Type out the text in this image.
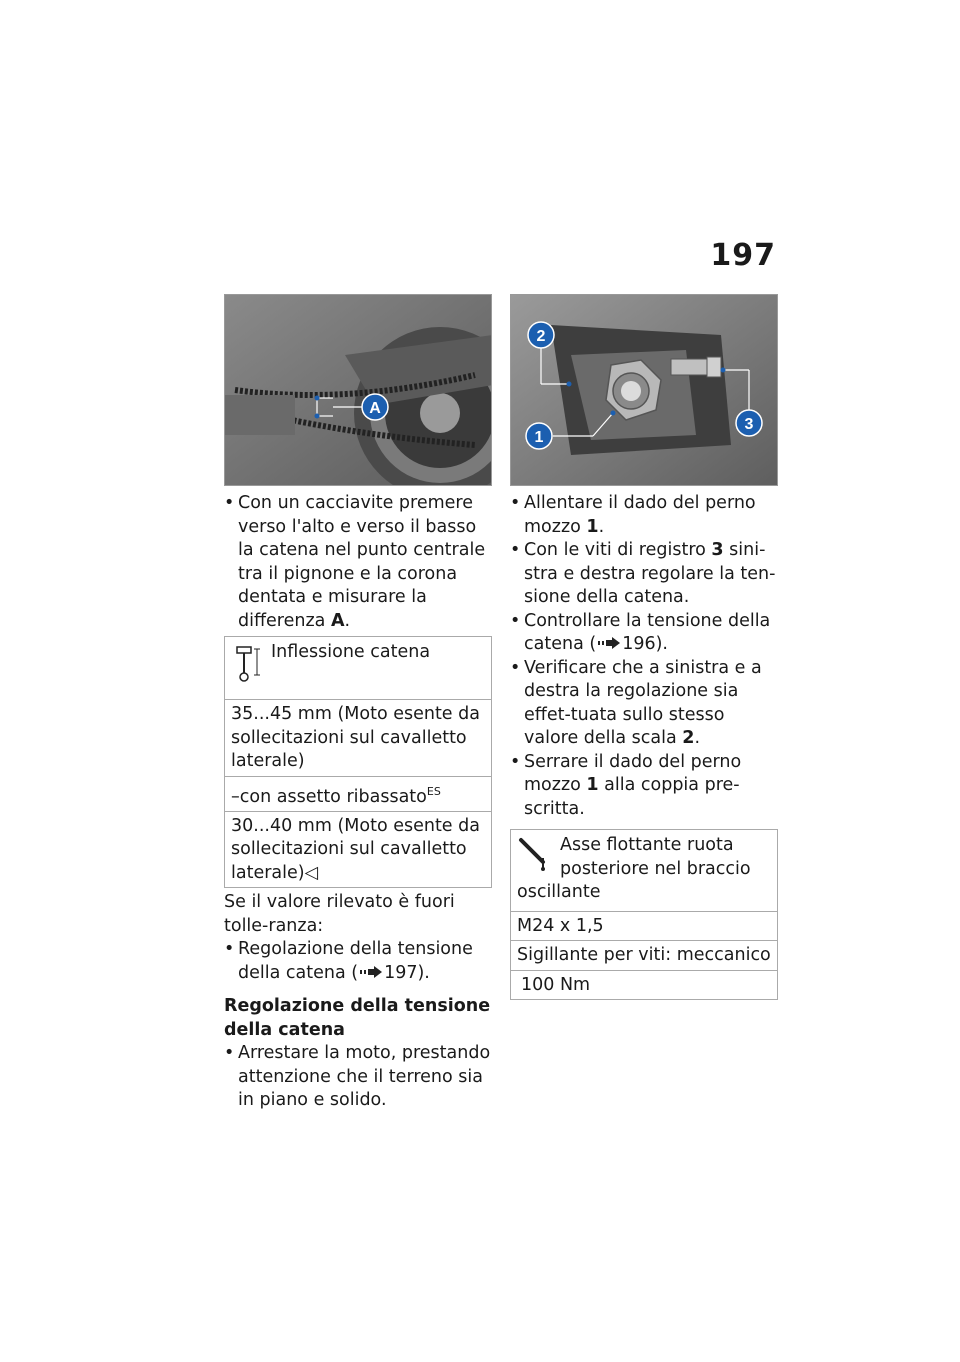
197
A
• Con un cacciavite premere verso l'alto e verso il basso la catena nel punto centrale tra il pignone e la corona dentata e misurare la differenza A.
Inflessione catena
35...45 mm (Moto esente da sollecitazioni sul cavalletto laterale)
–con assetto ribassato$^{ES}$
30...40 mm (Moto esente da sollecitazioni sul cavalletto laterale)◁

Se il valore rilevato è fuori tolle-ranza:

• Regolazione della tensione della catena ( 197).
Regolazione della tensione della catena
• Arrestare la moto, prestando attenzione che il terreno sia in piano e solido.
2
1
3
• Allentare il dado del perno mozzo 1.
• Con le viti di registro 3 sini-stra e destra regolare la ten-sione della catena.
• Controllare la tensione della catena ( 196).
• Verificare che a sinistra e a destra la regolazione sia effet-tuata sullo stesso valore della scala 2.
• Serrare il dado del perno mozzo 1 alla coppia pre-scritta.
Asse flottante ruota
posteriore nel braccio
oscillante
M24 x 1,5
Sigillante per viti: meccanico
100 Nm
